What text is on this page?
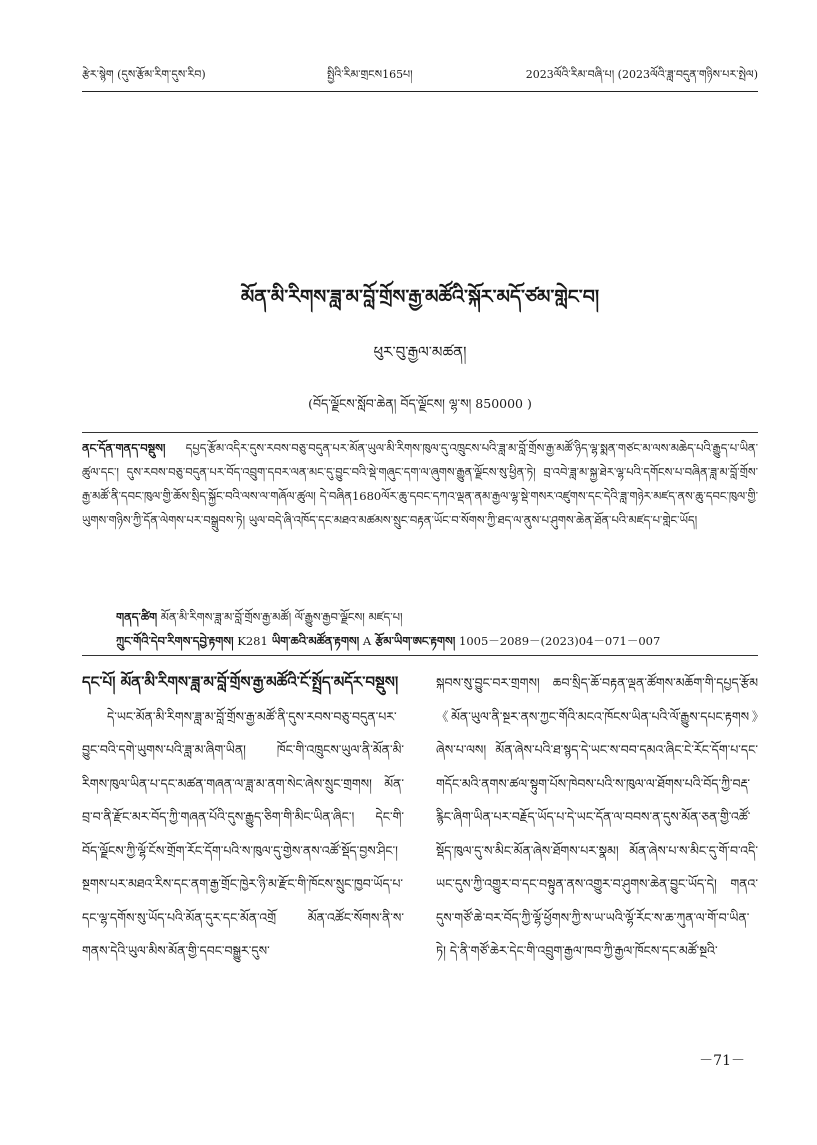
རྩེར་སྙེག (དུས་རྩོམ་རིག་དུས་རིབ)	སྤྱིའི་རིམ་གྲངས165པ།	2023ལོའི་རིམ་བཞི་པ། (2023ལོའི་ཟླ་བདུན་གཉིས་པར་སྤེལ)
མོན་མི་རིགས་ཟླ་མ་བློ་གྲོས་རྒྱ་མཚོའི་སྐོར་མདོ་ཙམ་གླེང་བ།
ཕུར་བུ་རྒྱལ་མཚན།
(བོད་ལྗོངས་སློབ་ཆེན། བོད་ལྗོངས། ལྷ་ས། 850000 )
ནང་དོན་གནད་བསྡུས། དཔྱད་རྩོམ་འདིར་དུས་རབས་བཅུ་བདུན་པར་མོན་ཡུལ་མི་རིགས་ཁུལ་དུ་འཁྲུངས་པའི་ཟླ་མ་བློ་གྲོས་རྒྱ་མཚོ་ཉིད་ལྷ་སྨན་གཙང་མ་ལས་མཆེད་པའི་རྒྱུད་པ་ཡིན་ཚུལ་དང་། དུས་རབས་བཅུ་བདུན་པར་བོད་འབྲུག་དབར་ལན་མང་དུ་བྱུང་བའི་སྡེ་གཞུང་དག་ལ་ཞུགས་རྒྱུན་ལྗོངས་སུ་ཕྱིན་ཏེ། བྲ་འབེ་ཟླ་མ་སྐྱ་ཐེར་ལྷ་པའི་དགོངས་པ་བཞིན་ཟླ་མ་བློ་གྲོས་རྒྱ་མཚོ་ནི་དབང་ཁུལ་གྱི་ཆོས་སྲིད་སྐྱོང་བའི་ལས་ལ་གཞོལ་ཚུལ། དེ་བཞིན1680ལོར་ཆུ་དབང་དཀའ་ལྡན་ནམ་རྒྱལ་ལྷ་སྡེ་གསར་འཛུགས་དང་དེའི་ཟླ་གཉེར་མཛད་ནས་ཆུ་དབང་ཁུལ་གྱི་ཡུགས་གཉིས་ཀྱི་དོན་ལེགས་པར་བསྒྲུབས་ཏེ། ཡུལ་བདེ་ཞི་འཁོད་དང་མཐའ་མཚམས་སྲུང་བརྟན་ཡོང་བ་སོགས་ཀྱི་ཐད་ལ་ནུས་པ་ཤུགས་ཆེན་ཐོན་པའི་མཛད་པ་གླེང་ཡོད།
གནད་ཚིག མོན་མི་རིགས་ཟླ་མ་བློ་གྲོས་རྒྱ་མཚོ། ལོ་རྒྱུས་རྒྱབ་ལྗོངས། མཛད་པ།
ཀྲུང་གོའི་དེབ་རིགས་དབྱེ་རྟགས། K281 ཡིག་ཆའི་མཚོན་རྟགས། A རྩོམ་ཡིག་ཨང་རྟགས། 1005－2089－(2023)04－071－007

དང་པོ། མོན་མི་རིགས་ཟླ་མ་བློ་གྲོས་རྒྱ་མཚོའི་ངོ་སྤྲོད་མདོར་བསྡུས།

དེ་ཡང་མོན་མི་རིགས་ཟླ་མ་བློ་གྲོས་རྒྱ་མཚོ་ནི་དུས་རབས་བཅུ་བདུན་པར་བྱུང་བའི་དགེ་ཡུགས་པའི་ཟླ་མ་ཞིག་ཡིན། ཁོང་གི་འཁྲུངས་ཡུལ་ནི་མོན་མི་རིགས་ཁུལ་ཡིན་པ་དང་མཚན་གཞན་ལ་ཟླ་མ་ནག་སེང་ཞེས་སྲུང་གྲགས། མོན་བྲ་བ་ནི་རྫོང་མར་བོད་ཀྱི་གཞན་པོའི་དུས་རྒྱུད་ཅིག་གི་མིང་ཡིན་ཞིང་། དེང་གི་བོད་ལྗོངས་ཀྱི་ལྷོ་ངོས་གྲོག་རོང་དོག་པའི་ས་ཁུལ་དུ་གྱེས་ནས་འཚོ་སྡོད་བྱས་ཤིང་། སྔགས་པར་མཐའ་རིས་དང་ནག་རྒྱ་གྲོང་ཁྱེར་ཉི་མ་རྫོང་གི་ཁོངས་སྲུང་ཁྱབ་ཡོད་པ་དང་ལྷ་དགོས་སུ་ཡོད་པའི་མོན་དུར་དང་མོན་འགྲོ མོན་འཚོང་སོགས་ནི་ས་གནས་དེའི་ཡུལ་མིས་མོན་གྱི་དབང་བསྒྱུར་དུས་

སྐབས་སུ་བྱུང་བར་གྲགས། ཆབ་སྲིད་ཆོ་བརྟན་ལྡན་ཚོགས་མཆོག་གི་དཔྱད་རྩོམ《མོན་ཡུལ་ནི་སྔར་ནས་ཀྱང་གོའི་མངའ་ཁོངས་ཡིན་པའི་ལོ་རྒྱུས་དཔང་རྟགས》ཞེས་པ་ལས། མོན་ཞེས་པའི་ཐ་སྙད་དེ་ཡང་ས་བབ་དམའ་ཞིང་ངེ་རོང་དོག་པ་དང་གདོང་མའི་ནགས་ཚལ་སྟུག་པོས་ཁེབས་པའི་ས་ཁུལ་ལ་ཐོགས་པའི་བོད་ཀྱི་བརྡ་རྙིང་ཞིག་ཡིན་པར་བརྗོད་ཡོད་པ་དེ་ཡང་དོན་ལ་བབས་ན་དུས་མོན་ཅན་གྱི་འཚོ་སྡོད་ཁུལ་དུ་ས་མིང་མོན་ཞེས་ཐོགས་པར་སྣམ། མོན་ཞེས་པ་ས་མིང་དུ་གོ་བ་འདི་ཡང་དུས་ཀྱི་འགྱུར་བ་དང་བསྟུན་ནས་འགྱུར་བ་ཤུགས་ཆེན་བྱུང་ཡོད་དེ། གནའ་དུས་གཙོ་ཆེ་བར་བོད་ཀྱི་ལྷོ་ཕྱོགས་ཀྱི་ས་ཡ་ཡའི་ལྷོ་རོང་ས་ཆ་ཀུན་ལ་གོ་བ་ཡིན་ཏེ། དེ་ནི་གཙོ་ཆེར་དེང་གི་འབྲུག་རྒྱལ་ཁབ་ཀྱི་རྒྱལ་ཁོངས་དང་མཚོ་སྔའི་

－71－
